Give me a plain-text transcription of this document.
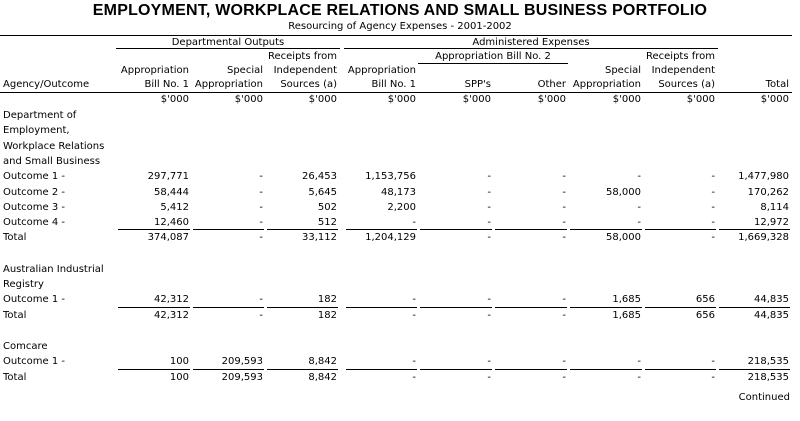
EMPLOYMENT, WORKPLACE RELATIONS AND SMALL BUSINESS PORTFOLIO
Resourcing of Agency Expenses - 2001-2002
Departmental Outputs	Administered Expenses
Appropriation Bill No. 2
Agency/Outcome
Appropriation
Bill No. 1
$'000
Special
Appropriation
$'000
Receipts from
Independent
Sources (a)
$'000
Appropriation
Bill No. 1
$'000
SPP's
$'000
Other
$'000
Special
Appropriation
$'000
Receipts from
Independent
Sources (a)
$'000
Total
$'000
Department of
Employment,
Workplace Relations
and Small Business
Outcome 1 -	297,771	-	26,453	1,153,756	-	-	-	-	1,477,980
Outcome 2 -	58,444	-	5,645	48,173	-	-	58,000	-	170,262
Outcome 3 -	5,412	-	502	2,200	-	-	-	-	8,114
Outcome 4 -	12,460	-	512	-	-	-	-	-	12,972
Total	374,087	-	33,112	1,204,129	-	-	58,000	-	1,669,328
Australian Industrial
Registry
Outcome 1 -	42,312	-	182	-	-	-	1,685	656	44,835
Total	42,312	-	182	-	-	-	1,685	656	44,835
Comcare
Outcome 1 -	100	209,593	8,842	-	-	-	-	-	218,535
Total	100	209,593	8,842	-	-	-	-	-	218,535
Continued
